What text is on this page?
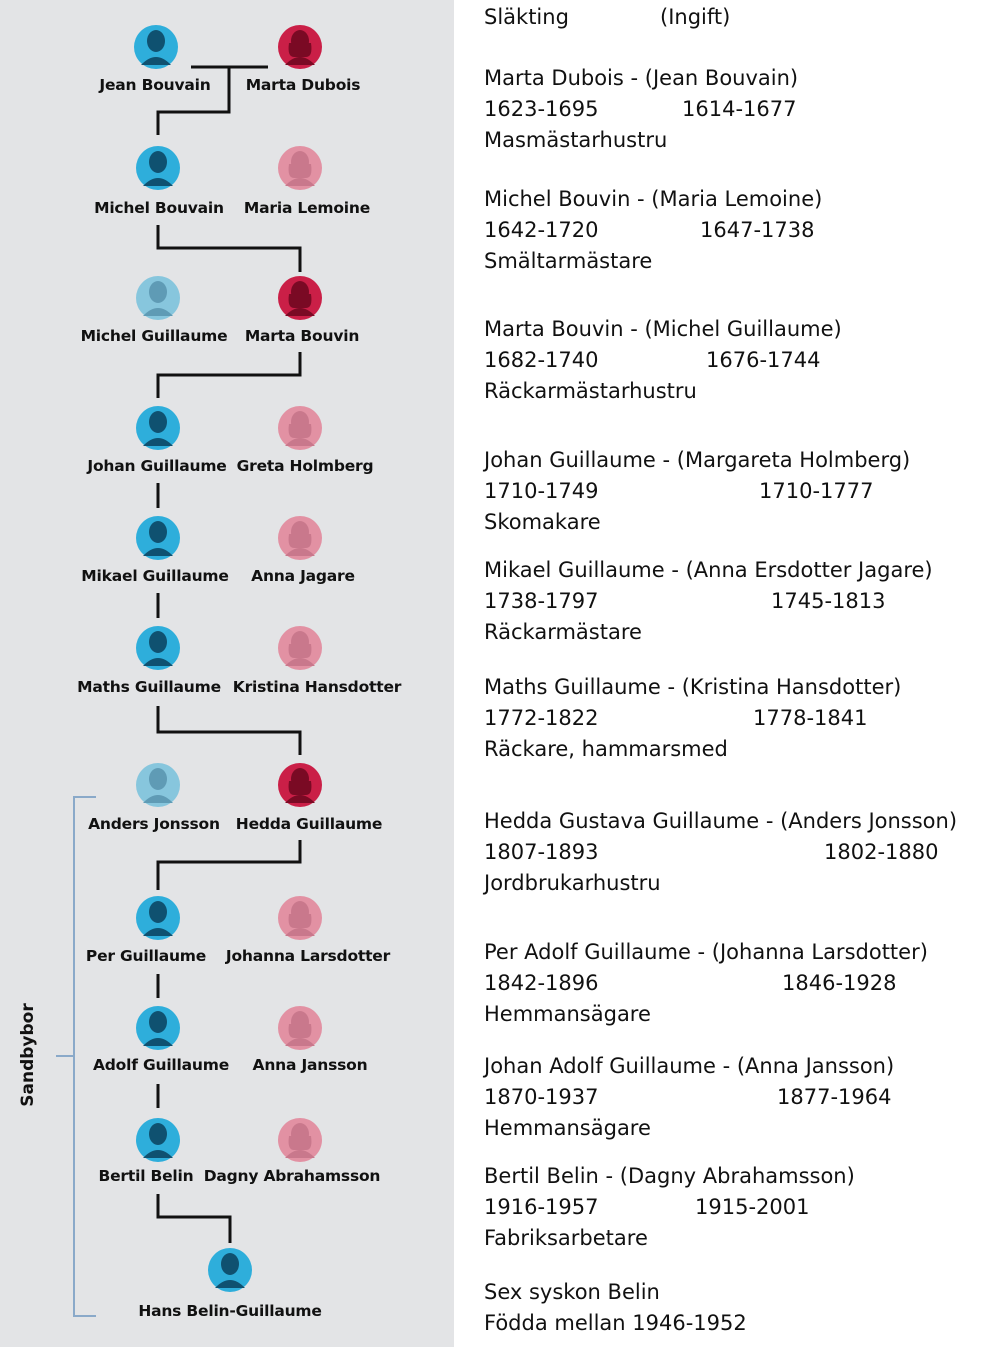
Jean Bouvain	Marta Dubois
Michel Bouvain	Maria Lemoine
Michel Guillaume	Marta Bouvin
Johan Guillaume Greta Holmberg
Mikael Guillaume	Anna Jagare
Maths Guillaume Kristina Hansdotter
Anders Jonsson	Hedda Guillaume
Per Guillaume	Johanna Larsdotter
Adolf Guillaume	Anna Jansson
Bertil Belin Dagny Abrahamsson
Hans Belin-Guillaume
Sandbybor
Släkting	(Ingift)
Marta Dubois - (Jean Bouvain)
1623-1695	1614-1677
Masmästarhustru
Michel Bouvin - (Maria Lemoine)
1642-1720	1647-1738
Smältarmästare
Marta Bouvin - (Michel Guillaume)
1682-1740	1676-1744
Räckarmästarhustru
Johan Guillaume - (Margareta Holmberg)
1710-1749	1710-1777
Skomakare
Mikael Guillaume - (Anna Ersdotter Jagare)
1738-1797	1745-1813
Räckarmästare
Maths Guillaume - (Kristina Hansdotter)
1772-1822	1778-1841
Räckare, hammarsmed
Hedda Gustava Guillaume - (Anders Jonsson)
1807-1893	1802-1880
Jordbrukarhustru
Per Adolf Guillaume - (Johanna Larsdotter)
1842-1896	1846-1928
Hemmansägare
Johan Adolf Guillaume - (Anna Jansson)
1870-1937	1877-1964
Hemmansägare
Bertil Belin - (Dagny Abrahamsson)
1916-1957	1915-2001
Fabriksarbetare
Sex syskon Belin
Födda mellan 1946-1952
